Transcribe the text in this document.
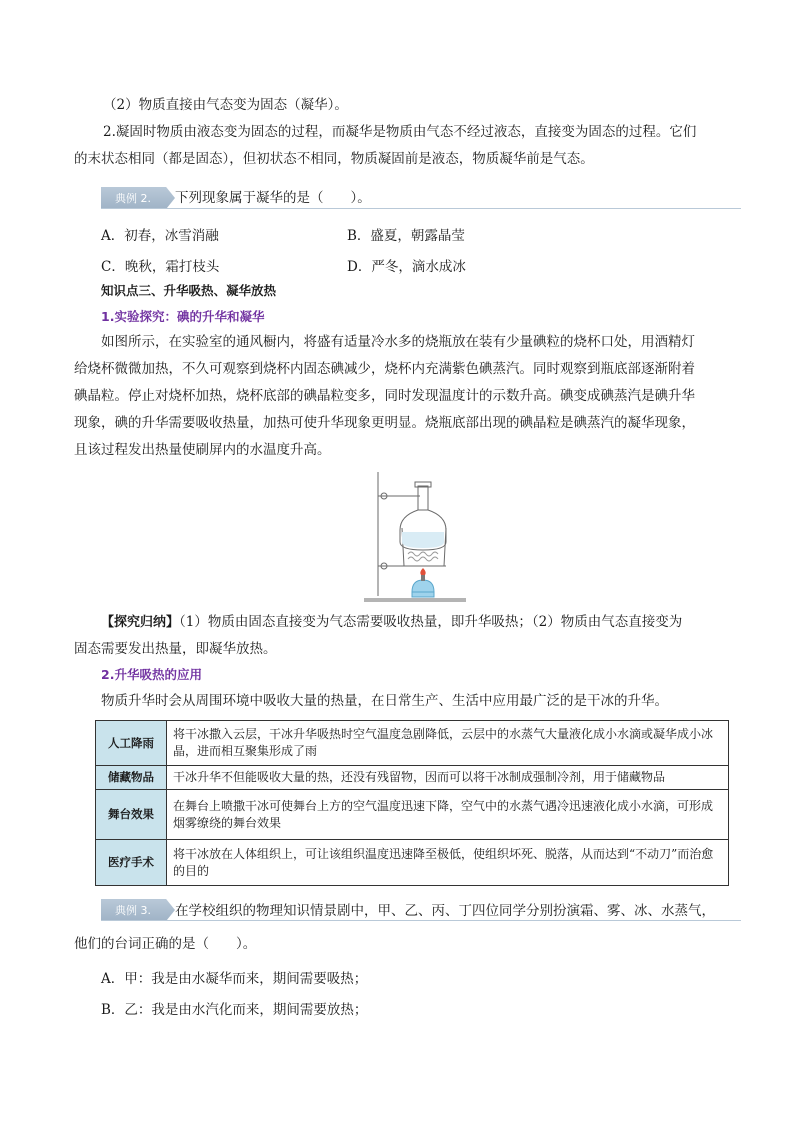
（2）物质直接由气态变为固态（凝华）。
2.凝固时物质由液态变为固态的过程，而凝华是物质由气态不经过液态，直接变为固态的过程。它们
的末状态相同（都是固态），但初状态不相同，物质凝固前是液态，物质凝华前是气态。
典例 2. 下列现象属于凝华的是（　　）。
A．初春，冰雪消融	B．盛夏，朝露晶莹
C．晚秋，霜打枝头	D．严冬，滴水成冰
知识点三、升华吸热、凝华放热
1.实验探究：碘的升华和凝华
如图所示，在实验室的通风橱内，将盛有适量冷水多的烧瓶放在装有少量碘粒的烧杯口处，用酒精灯
给烧杯微微加热，不久可观察到烧杯内固态碘减少，烧杯内充满紫色碘蒸汽。同时观察到瓶底部逐渐附着
碘晶粒。停止对烧杯加热，烧杯底部的碘晶粒变多，同时发现温度计的示数升高。碘变成碘蒸汽是碘升华
现象，碘的升华需要吸收热量，加热可使升华现象更明显。烧瓶底部出现的碘晶粒是碘蒸汽的凝华现象，
且该过程发出热量使刷屏内的水温度升高。
【探究归纳】（1）物质由固态直接变为气态需要吸收热量，即升华吸热；（2）物质由气态直接变为
固态需要发出热量，即凝华放热。
2.升华吸热的应用
物质升华时会从周围环境中吸收大量的热量，在日常生产、生活中应用最广泛的是干冰的升华。
人工降雨	将干冰撒入云层，干冰升华吸热时空气温度急剧降低，云层中的水蒸气大量液化成小水滴或凝华成小冰晶，进而相互聚集形成了雨
储藏物品	干冰升华不但能吸收大量的热，还没有残留物，因而可以将干冰制成强制冷剂，用于储藏物品
舞台效果	在舞台上喷撒干冰可使舞台上方的空气温度迅速下降，空气中的水蒸气遇冷迅速液化成小水滴，可形成烟雾缭绕的舞台效果
医疗手术	将干冰放在人体组织上，可让该组织温度迅速降至极低，使组织坏死、脱落，从而达到“不动刀”而治愈的目的
典例 3. 在学校组织的物理知识情景剧中，甲、乙、丙、丁四位同学分别扮演霜、雾、冰、水蒸气，
他们的台词正确的是（　　）。
A．甲：我是由水凝华而来，期间需要吸热；
B．乙：我是由水汽化而来，期间需要放热；
